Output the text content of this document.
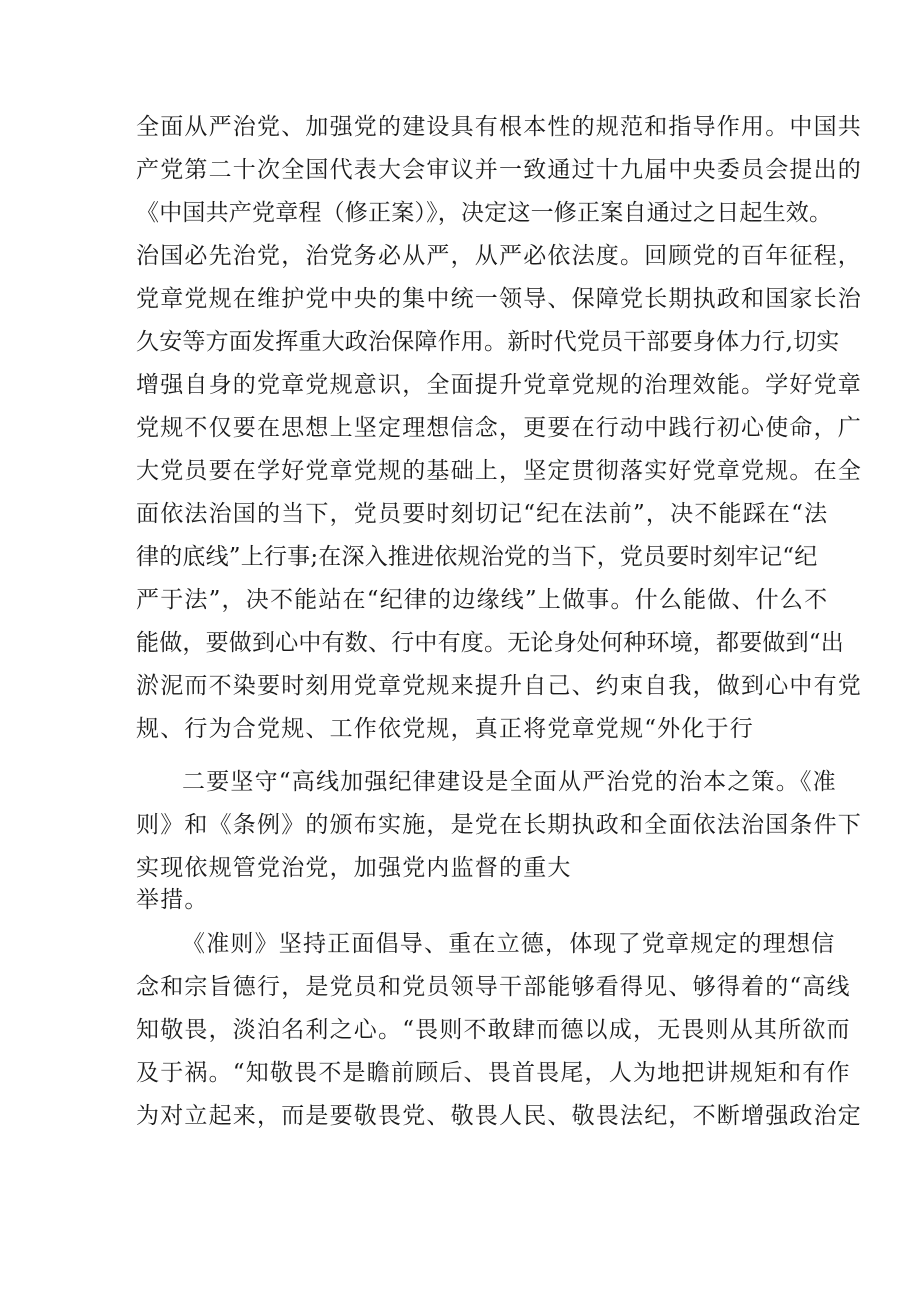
全面从严治党、加强党的建设具有根本性的规范和指导作用。中国共
产党第二十次全国代表大会审议并一致通过十九届中央委员会提出的
《中国共产党章程（修正案）》，决定这一修正案自通过之日起生效。
治国必先治党，治党务必从严，从严必依法度。回顾党的百年征程，
党章党规在维护党中央的集中统一领导、保障党长期执政和国家长治
久安等方面发挥重大政治保障作用。新时代党员干部要身体力行,切实
增强自身的党章党规意识，全面提升党章党规的治理效能。学好党章
党规不仅要在思想上坚定理想信念，更要在行动中践行初心使命，广
大党员要在学好党章党规的基础上，坚定贯彻落实好党章党规。在全
面依法治国的当下，党员要时刻切记“纪在法前”，决不能踩在“法
律的底线”上行事;在深入推进依规治党的当下，党员要时刻牢记“纪
严于法”，决不能站在“纪律的边缘线”上做事。什么能做、什么不
能做，要做到心中有数、行中有度。无论身处何种环境，都要做到“出
淤泥而不染要时刻用党章党规来提升自己、约束自我，做到心中有党
规、行为合党规、工作依党规，真正将党章党规“外化于行
二要坚守“高线加强纪律建设是全面从严治党的治本之策。《准
则》和《条例》的颁布实施，是党在长期执政和全面依法治国条件下
实现依规管党治党，加强党内监督的重大
举措。
《准则》坚持正面倡导、重在立德，体现了党章规定的理想信
念和宗旨德行，是党员和党员领导干部能够看得见、够得着的“高线
知敬畏，淡泊名利之心。“畏则不敢肆而德以成，无畏则从其所欲而
及于祸。“知敬畏不是瞻前顾后、畏首畏尾，人为地把讲规矩和有作
为对立起来，而是要敬畏党、敬畏人民、敬畏法纪，不断增强政治定
